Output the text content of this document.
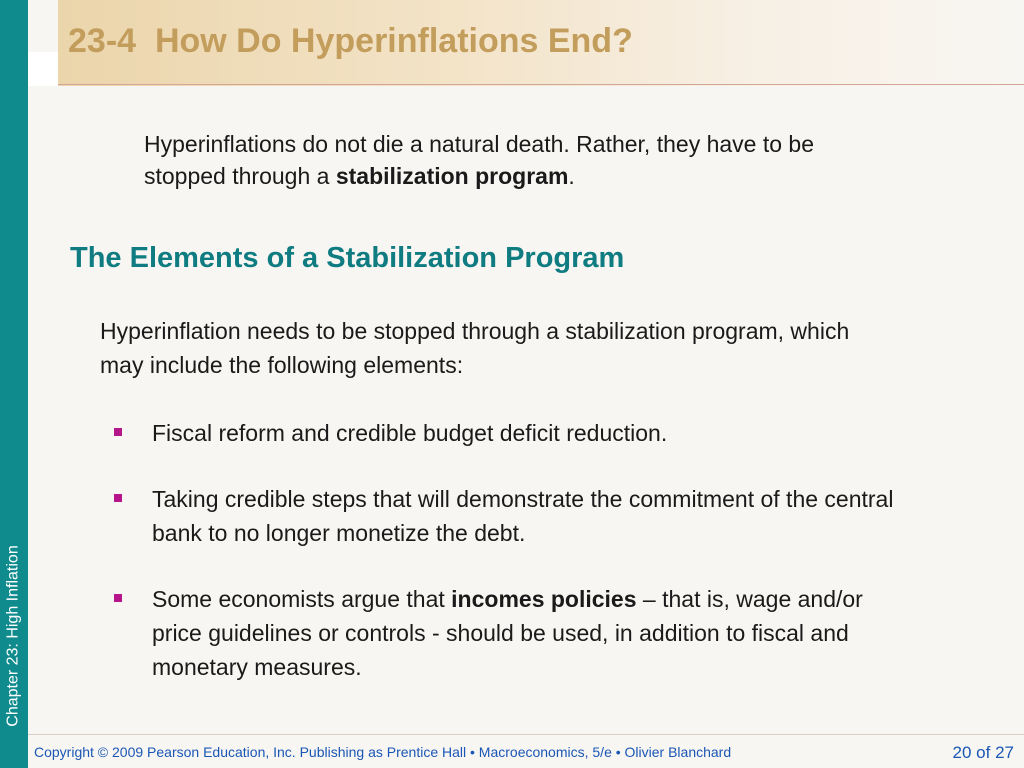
Chapter 23: High Inflation
23-4  How Do Hyperinflations End?
Hyperinflations do not die a natural death. Rather, they have to be stopped through a stabilization program.
The Elements of a Stabilization Program
Hyperinflation needs to be stopped through a stabilization program, which may include the following elements:
Fiscal reform and credible budget deficit reduction.
Taking credible steps that will demonstrate the commitment of the central bank to no longer monetize the debt.
Some economists argue that incomes policies – that is, wage and/or price guidelines or controls - should be used, in addition to fiscal and monetary measures.
Copyright © 2009 Pearson Education, Inc. Publishing as Prentice Hall • Macroeconomics, 5/e • Olivier Blanchard	20 of 27
